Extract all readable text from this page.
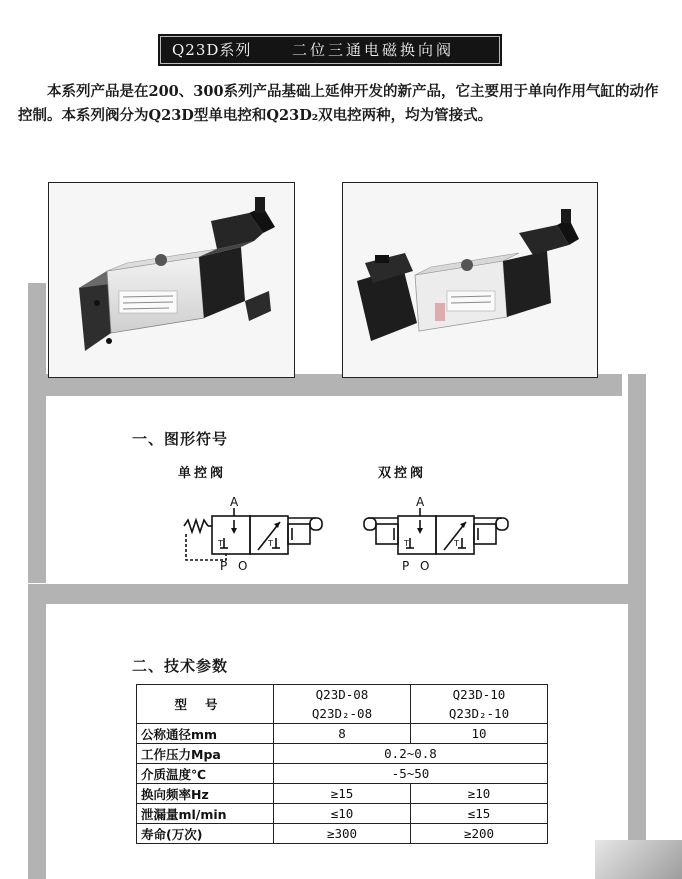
Q23D系列	二位三通电磁换向阀
本系列产品是在200、300系列产品基础上延伸开发的新产品，它主要用于单向作用气缸的动作控制。本系列阀分为Q23D型单电控和Q23D₂双电控两种，均为管接式。
一、图形符号
单控阀	双控阀
A
T	T
P O
A
T	T
P O
二、技术参数
型号	Q23D-08	Q23D-10
	Q23D₂-08	Q23D₂-10
公称通径mm	8	10
工作压力Mpa	0.2~0.8	
介质温度℃	-5~50	
换向频率Hz	≥15	≥10
泄漏量ml/min	≤10	≤15
寿命(万次)	≥300	≥200
